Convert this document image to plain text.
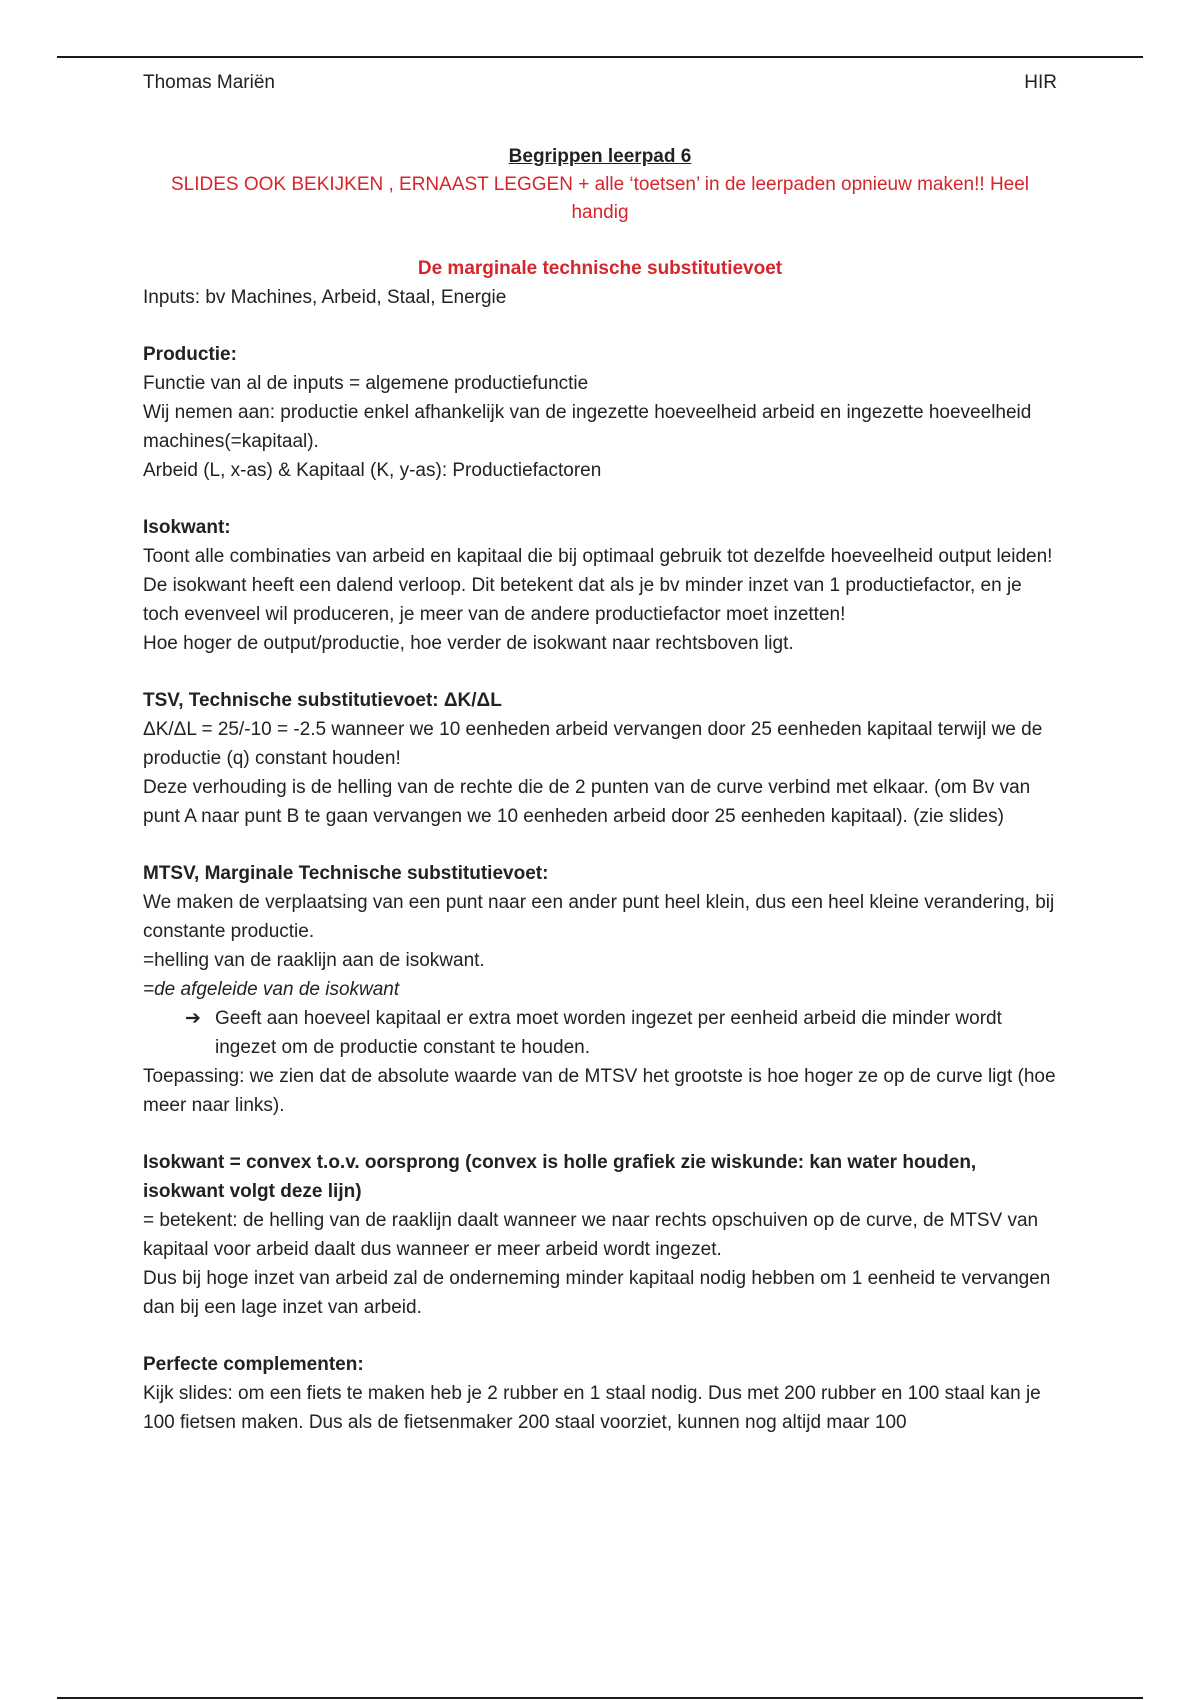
Thomas Mariën	HIR

Begrippen leerpad 6

SLIDES OOK BEKIJKEN , ERNAAST LEGGEN + alle ‘toetsen’ in de leerpaden opnieuw maken!! Heel handig

De marginale technische substitutievoet

Inputs: bv Machines, Arbeid, Staal, Energie

Productie:

Functie van al de inputs = algemene productiefunctie

Wij nemen aan: productie enkel afhankelijk van de ingezette hoeveelheid arbeid en ingezette hoeveelheid machines(=kapitaal).

Arbeid (L, x-as) & Kapitaal (K, y-as): Productiefactoren

Isokwant:

Toont alle combinaties van arbeid en kapitaal die bij optimaal gebruik tot dezelfde hoeveelheid output leiden! De isokwant heeft een dalend verloop. Dit betekent dat als je bv minder inzet van 1 productiefactor, en je toch evenveel wil produceren, je meer van de andere productiefactor moet inzetten!

Hoe hoger de output/productie, hoe verder de isokwant naar rechtsboven ligt.

TSV, Technische substitutievoet: ΔK/ΔL

ΔK/ΔL = 25/-10 = -2.5 wanneer we 10 eenheden arbeid vervangen door 25 eenheden kapitaal terwijl we de productie (q) constant houden!

Deze verhouding is de helling van de rechte die de 2 punten van de curve verbind met elkaar. (om Bv van punt A naar punt B te gaan vervangen we 10 eenheden arbeid door 25 eenheden kapitaal). (zie slides)

MTSV, Marginale Technische substitutievoet:

We maken de verplaatsing van een punt naar een ander punt heel klein, dus een heel kleine verandering, bij constante productie.

=helling van de raaklijn aan de isokwant.

=de afgeleide van de isokwant

➔ Geeft aan hoeveel kapitaal er extra moet worden ingezet per eenheid arbeid die minder wordt ingezet om de productie constant te houden.

Toepassing: we zien dat de absolute waarde van de MTSV het grootste is hoe hoger ze op de curve ligt (hoe meer naar links).

Isokwant = convex t.o.v. oorsprong (convex is holle grafiek zie wiskunde: kan water houden, isokwant volgt deze lijn)

= betekent: de helling van de raaklijn daalt wanneer we naar rechts opschuiven op de curve, de MTSV van kapitaal voor arbeid daalt dus wanneer er meer arbeid wordt ingezet.

Dus bij hoge inzet van arbeid zal de onderneming minder kapitaal nodig hebben om 1 eenheid te vervangen dan bij een lage inzet van arbeid.

Perfecte complementen:

Kijk slides: om een fiets te maken heb je 2 rubber en 1 staal nodig. Dus met 200 rubber en 100 staal kan je 100 fietsen maken. Dus als de fietsenmaker 200 staal voorziet, kunnen nog altijd maar 100
